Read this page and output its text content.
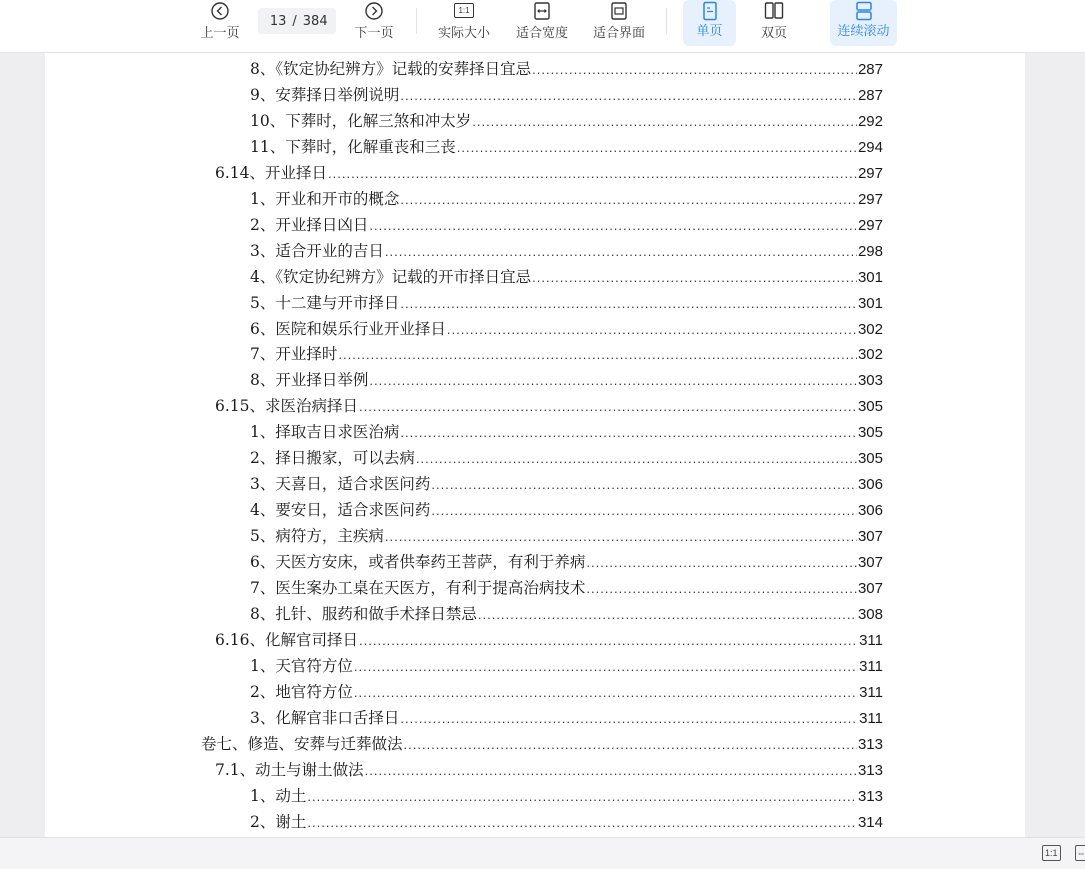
上一页
13
/ 384
下一页
1:1
实际大小 适合宽度 适合界面	单页	双页	连续滚动
8、《钦定协纪辨方》记载的安葬择日宜忌 .....	287
9、安葬择日举例说明 .....	287
10、下葬时，化解三煞和冲太岁 .....	292
11、下葬时，化解重丧和三丧 .....	294
6.14、开业择日 .....	297
1、开业和开市的概念 .....	297
2、开业择日凶日 .....	297
3、适合开业的吉日 .....	298
4、《钦定协纪辨方》记载的开市择日宜忌 .....	301
5、十二建与开市择日 .....	301
6、医院和娱乐行业开业择日 .....	302
7、开业择时 .....	302
8、开业择日举例 .....	303
6.15、求医治病择日 .....	305
1、择取吉日求医治病 .....	305
2、择日搬家，可以去病 .....	305
3、天喜日，适合求医问药 .....	306
4、要安日，适合求医问药 .....	306
5、病符方，主疾病 .....	307
6、天医方安床，或者供奉药王菩萨，有利于养病 .....	307
7、医生案办工桌在天医方，有利于提高治病技术 .....	307
8、扎针、服药和做手术择日禁忌 .....	308
6.16、化解官司择日 .....	311
1、天官符方位 .....	311
2、地官符方位 .....	311
3、化解官非口舌择日 .....	311
卷七、修造、安葬与迁葬做法 .....	313
7.1、动土与谢土做法 .....	313
1、动土 .....	313
2、谢土 .....	314
1:1	⇔
